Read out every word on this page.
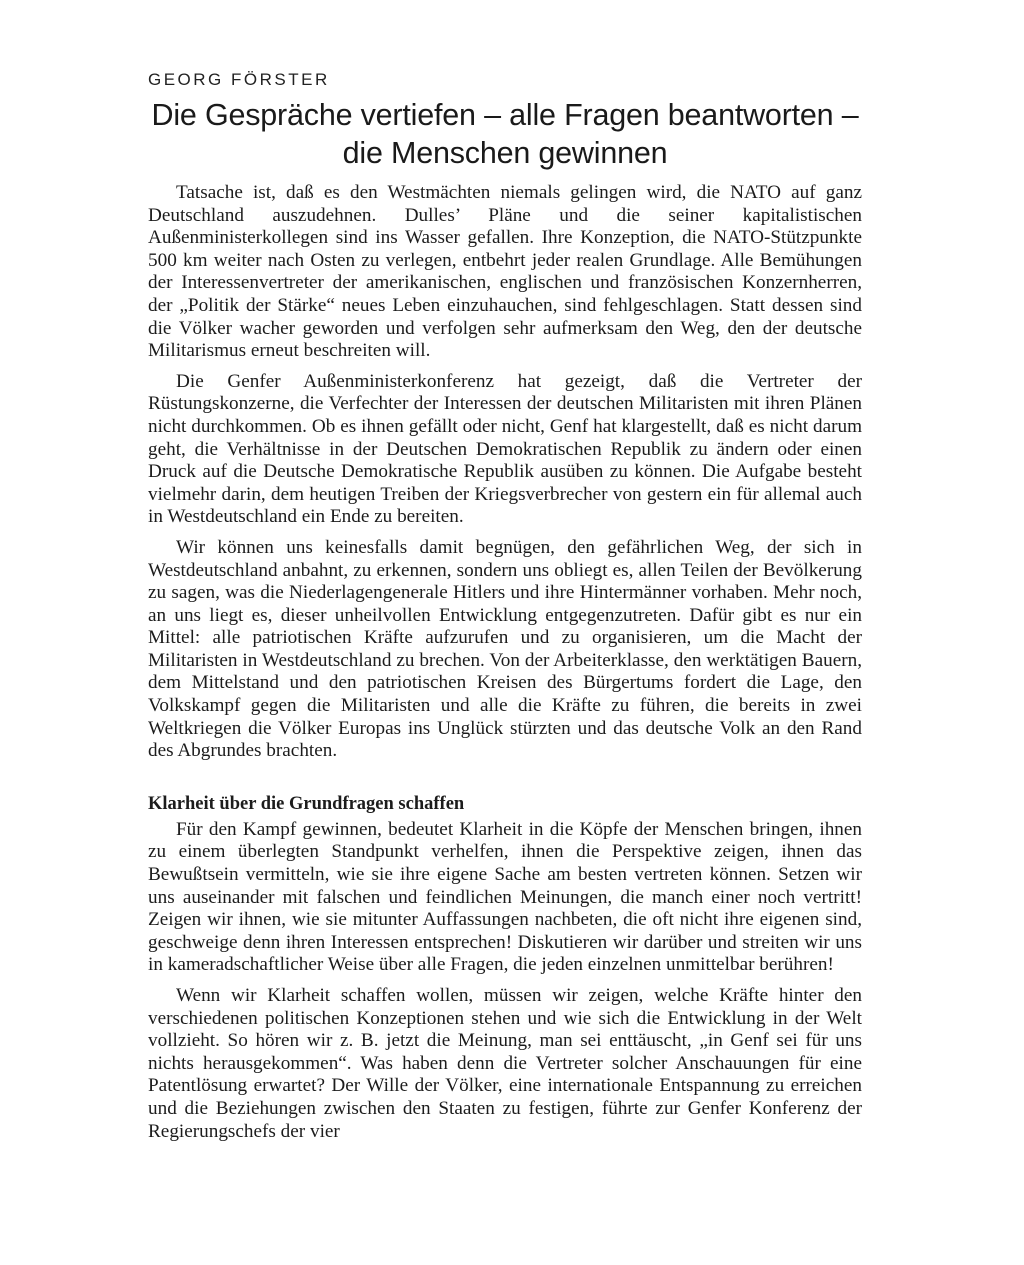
GEORG FÖRSTER
Die Gespräche vertiefen – alle Fragen beantworten –
die Menschen gewinnen

Tatsache ist, daß es den Westmächten niemals gelingen wird, die NATO auf ganz Deutschland auszudehnen. Dulles’ Pläne und die seiner kapitalistischen Außenministerkollegen sind ins Wasser gefallen. Ihre Konzeption, die NATO-Stützpunkte 500 km weiter nach Osten zu verlegen, entbehrt jeder realen Grundlage. Alle Bemühungen der Interessenvertreter der amerikanischen, englischen und französischen Konzernherren, der „Politik der Stärke“ neues Leben einzuhauchen, sind fehlgeschlagen. Statt dessen sind die Völker wacher geworden und verfolgen sehr aufmerksam den Weg, den der deutsche Militarismus erneut beschreiten will.

Die Genfer Außenministerkonferenz hat gezeigt, daß die Vertreter der Rüstungskonzerne, die Verfechter der Interessen der deutschen Militaristen mit ihren Plänen nicht durchkommen. Ob es ihnen gefällt oder nicht, Genf hat klargestellt, daß es nicht darum geht, die Verhältnisse in der Deutschen Demokratischen Republik zu ändern oder einen Druck auf die Deutsche Demokratische Republik ausüben zu können. Die Aufgabe besteht vielmehr darin, dem heutigen Treiben der Kriegsverbrecher von gestern ein für allemal auch in Westdeutschland ein Ende zu bereiten.

Wir können uns keinesfalls damit begnügen, den gefährlichen Weg, der sich in Westdeutschland anbahnt, zu erkennen, sondern uns obliegt es, allen Teilen der Bevölkerung zu sagen, was die Niederlagengenerale Hitlers und ihre Hintermänner vorhaben. Mehr noch, an uns liegt es, dieser unheilvollen Entwicklung entgegenzutreten. Dafür gibt es nur ein Mittel: alle patriotischen Kräfte aufzurufen und zu organisieren, um die Macht der Militaristen in Westdeutschland zu brechen. Von der Arbeiterklasse, den werktätigen Bauern, dem Mittelstand und den patriotischen Kreisen des Bürgertums fordert die Lage, den Volkskampf gegen die Militaristen und alle die Kräfte zu führen, die bereits in zwei Weltkriegen die Völker Europas ins Unglück stürzten und das deutsche Volk an den Rand des Abgrundes brachten.

Klarheit über die Grundfragen schaffen

Für den Kampf gewinnen, bedeutet Klarheit in die Köpfe der Menschen bringen, ihnen zu einem überlegten Standpunkt verhelfen, ihnen die Perspektive zeigen, ihnen das Bewußtsein vermitteln, wie sie ihre eigene Sache am besten vertreten können. Setzen wir uns auseinander mit falschen und feindlichen Meinungen, die manch einer noch vertritt! Zeigen wir ihnen, wie sie mitunter Auffassungen nachbeten, die oft nicht ihre eigenen sind, geschweige denn ihren Interessen entsprechen! Diskutieren wir darüber und streiten wir uns in kameradschaftlicher Weise über alle Fragen, die jeden einzelnen unmittelbar berühren!

Wenn wir Klarheit schaffen wollen, müssen wir zeigen, welche Kräfte hinter den verschiedenen politischen Konzeptionen stehen und wie sich die Entwicklung in der Welt vollzieht. So hören wir z. B. jetzt die Meinung, man sei enttäuscht, „in Genf sei für uns nichts herausgekommen“. Was haben denn die Vertreter solcher Anschauungen für eine Patentlösung erwartet? Der Wille der Völker, eine internationale Entspannung zu erreichen und die Beziehungen zwischen den Staaten zu festigen, führte zur Genfer Konferenz der Regierungschefs der vier
